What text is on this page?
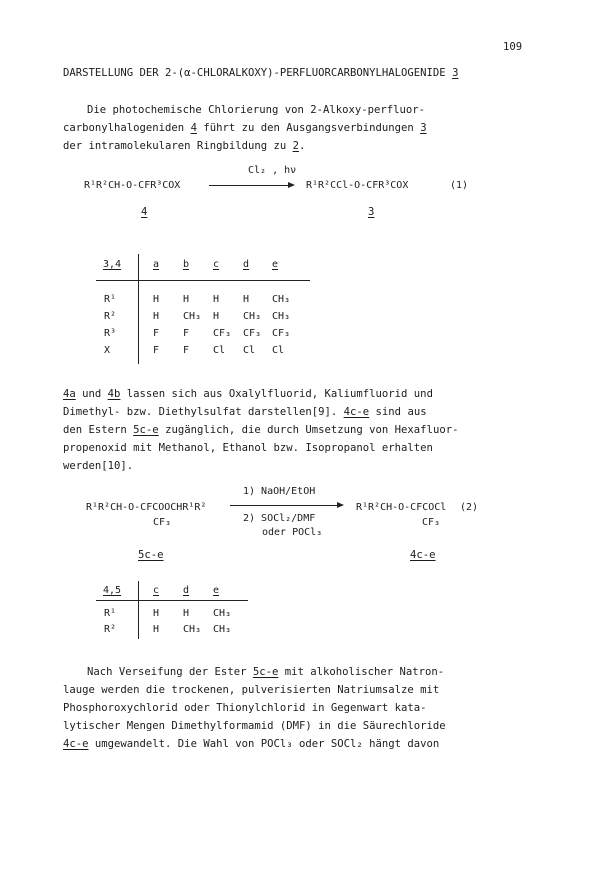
109
DARSTELLUNG DER 2-(α-CHLORALKOXY)-PERFLUORCARBONYLHALOGENIDE 3
Die photochemische Chlorierung von 2-Alkoxy-perfluor-
carbonylhalogeniden 4 führt zu den Ausgangsverbindungen 3
der intramolekularen Ringbildung zu 2.
Cl₂ , hν
R¹R²CH-O-CFR³COX	R¹R²CCl-O-CFR³COX	(1)
4	3
3,4	a b c d e
R¹	H H H H CH₃
R²	H CH₃ H CH₃ CH₃
R³	F F CF₃ CF₃ CF₃
X	F F Cl Cl Cl
4a und 4b lassen sich aus Oxalylfluorid, Kaliumfluorid und
Dimethyl- bzw. Diethylsulfat darstellen[9]. 4c-e sind aus
den Estern 5c-e zugänglich, die durch Umsetzung von Hexafluor-
propenoxid mit Methanol, Ethanol bzw. Isopropanol erhalten
werden[10].
1) NaOH/EtOH
R¹R²CH-O-CFCOOCHR¹R²	R¹R²CH-O-CFCOCl (2)
2) SOCl₂/DMF
CF₃	CF₃
oder POCl₃
5c-e	4c-e
4,5	c d e
R¹	H H CH₃
R²	H CH₃ CH₃
Nach Verseifung der Ester 5c-e mit alkoholischer Natron-
lauge werden die trockenen, pulverisierten Natriumsalze mit
Phosphoroxychlorid oder Thionylchlorid in Gegenwart kata-
lytischer Mengen Dimethylformamid (DMF) in die Säurechloride
4c-e umgewandelt. Die Wahl von POCl₃ oder SOCl₂ hängt davon
